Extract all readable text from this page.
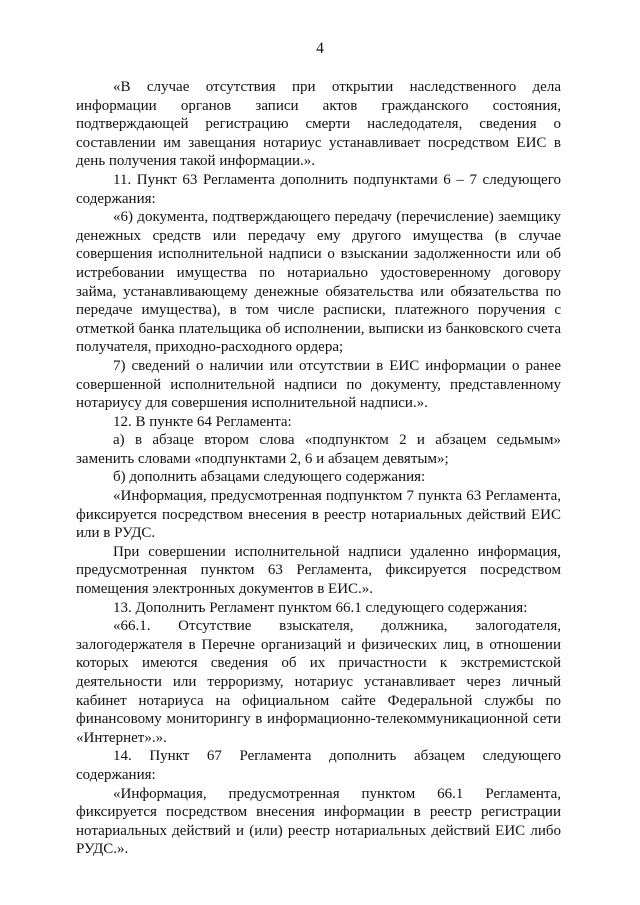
4

«В случае отсутствия при открытии наследственного дела информации органов записи актов гражданского состояния, подтверждающей регистрацию смерти наследодателя, сведения о составлении им завещания нотариус устанавливает посредством ЕИС в день получения такой информации.».

11. Пункт 63 Регламента дополнить подпунктами 6 – 7 следующего содержания:

«6) документа, подтверждающего передачу (перечисление) заемщику денежных средств или передачу ему другого имущества (в случае совершения исполнительной надписи о взыскании задолженности или об истребовании имущества по нотариально удостоверенному договору займа, устанавливающему денежные обязательства или обязательства по передаче имущества), в том числе расписки, платежного поручения с отметкой банка плательщика об исполнении, выписки из банковского счета получателя, приходно-расходного ордера;

7) сведений о наличии или отсутствии в ЕИС информации о ранее совершенной исполнительной надписи по документу, представленному нотариусу для совершения исполнительной надписи.».

12. В пункте 64 Регламента:

а) в абзаце втором слова «подпунктом 2 и абзацем седьмым» заменить словами «подпунктами 2, 6 и абзацем девятым»;

б) дополнить абзацами следующего содержания:

«Информация, предусмотренная подпунктом 7 пункта 63 Регламента, фиксируется посредством внесения в реестр нотариальных действий ЕИС или в РУДС.

При совершении исполнительной надписи удаленно информация, предусмотренная пунктом 63 Регламента, фиксируется посредством помещения электронных документов в ЕИС.».

13. Дополнить Регламент пунктом 66.1 следующего содержания:

«66.1. Отсутствие взыскателя, должника, залогодателя, залогодержателя в Перечне организаций и физических лиц, в отношении которых имеются сведения об их причастности к экстремистской деятельности или терроризму, нотариус устанавливает через личный кабинет нотариуса на официальном сайте Федеральной службы по финансовому мониторингу в информационно-телекоммуникационной сети «Интернет».».

14. Пункт 67 Регламента дополнить абзацем следующего содержания:

«Информация, предусмотренная пунктом 66.1 Регламента, фиксируется посредством внесения информации в реестр регистрации нотариальных действий и (или) реестр нотариальных действий ЕИС либо РУДС.».
